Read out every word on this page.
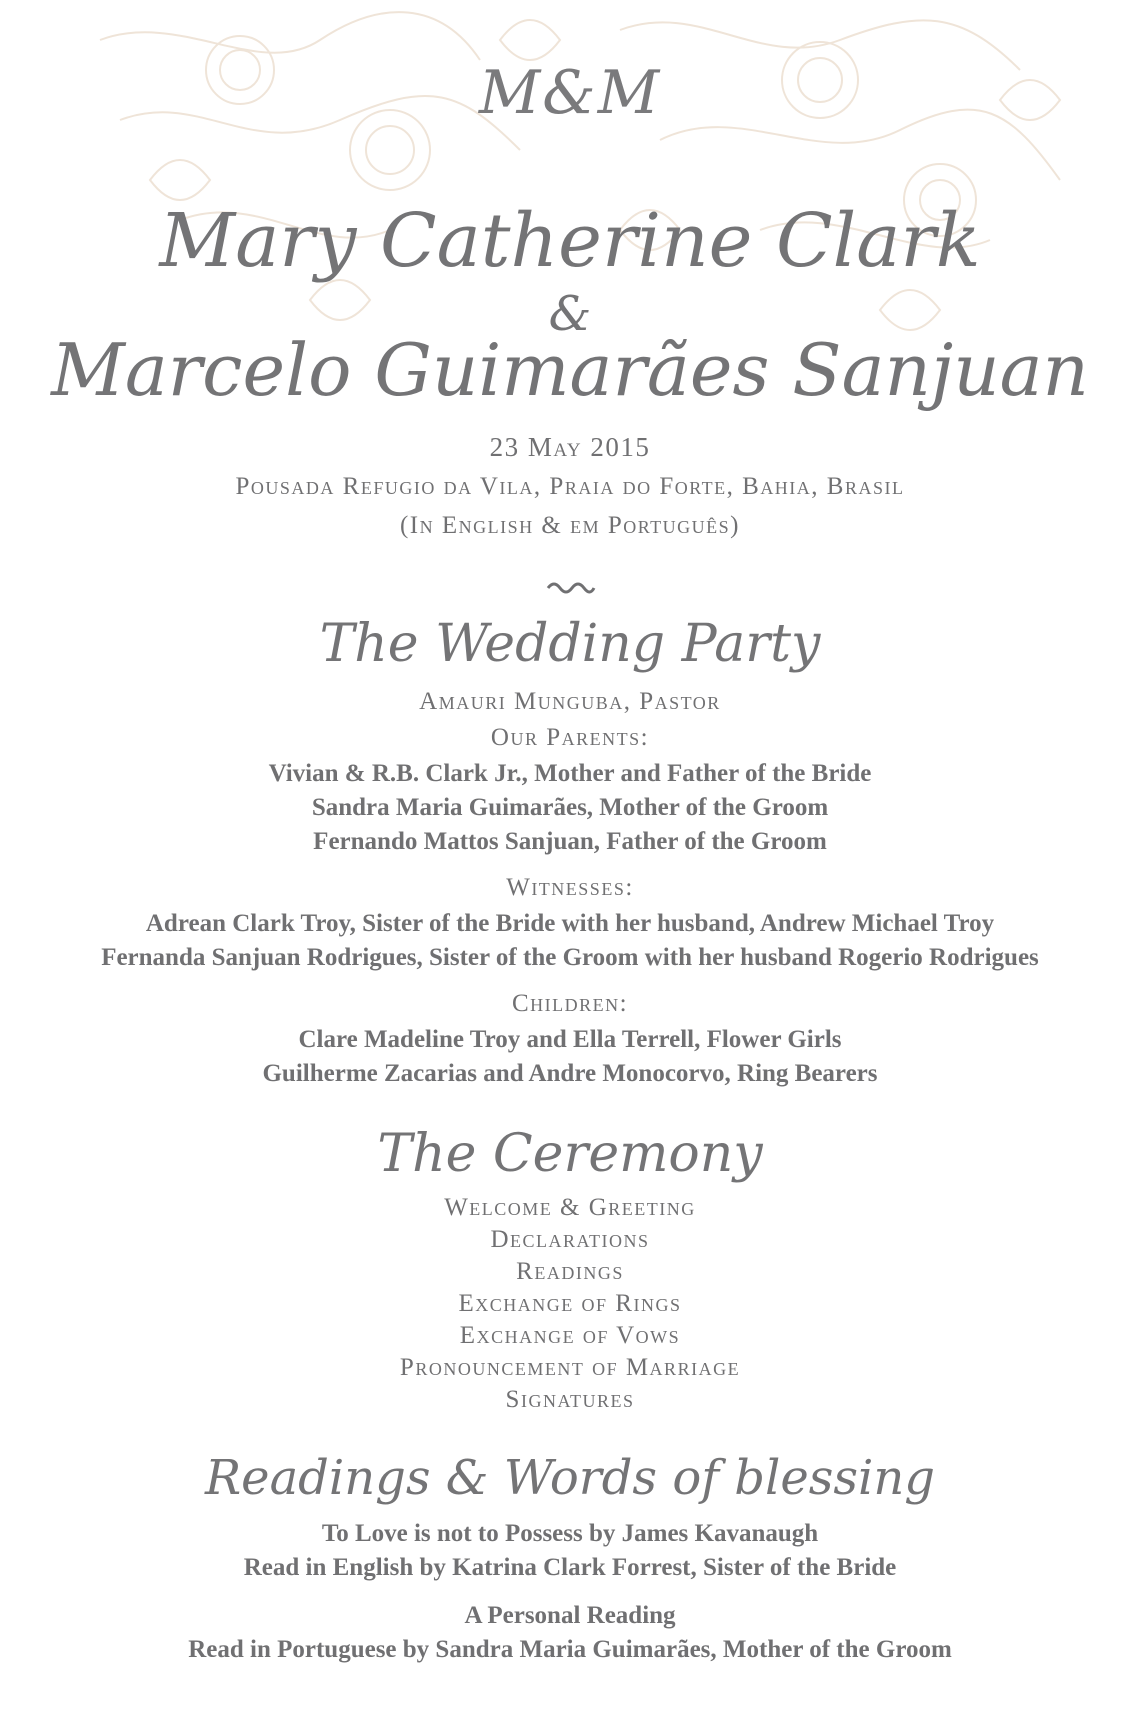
M&M
Mary Catherine Clark
&
Marcelo Guimarães Sanjuan
23 May 2015
Pousada Refugio da Vila, Praia do Forte, Bahia, Brasil
(In English & em Português)
The Wedding Party
Amauri Munguba, Pastor
Our Parents:
Vivian & R.B. Clark Jr., Mother and Father of the Bride
Sandra Maria Guimarães, Mother of the Groom
Fernando Mattos Sanjuan, Father of the Groom
Witnesses:
Adrean Clark Troy, Sister of the Bride with her husband, Andrew Michael Troy
Fernanda Sanjuan Rodrigues, Sister of the Groom with her husband Rogerio Rodrigues
Children:
Clare Madeline Troy and Ella Terrell, Flower Girls
Guilherme Zacarias and Andre Monocorvo, Ring Bearers
The Ceremony
Welcome & Greeting
Declarations
Readings
Exchange of Rings
Exchange of Vows
Pronouncement of Marriage
Signatures
Readings & Words of blessing
To Love is not to Possess by James Kavanaugh
Read in English by Katrina Clark Forrest, Sister of the Bride
A Personal Reading
Read in Portuguese by Sandra Maria Guimarães, Mother of the Groom
